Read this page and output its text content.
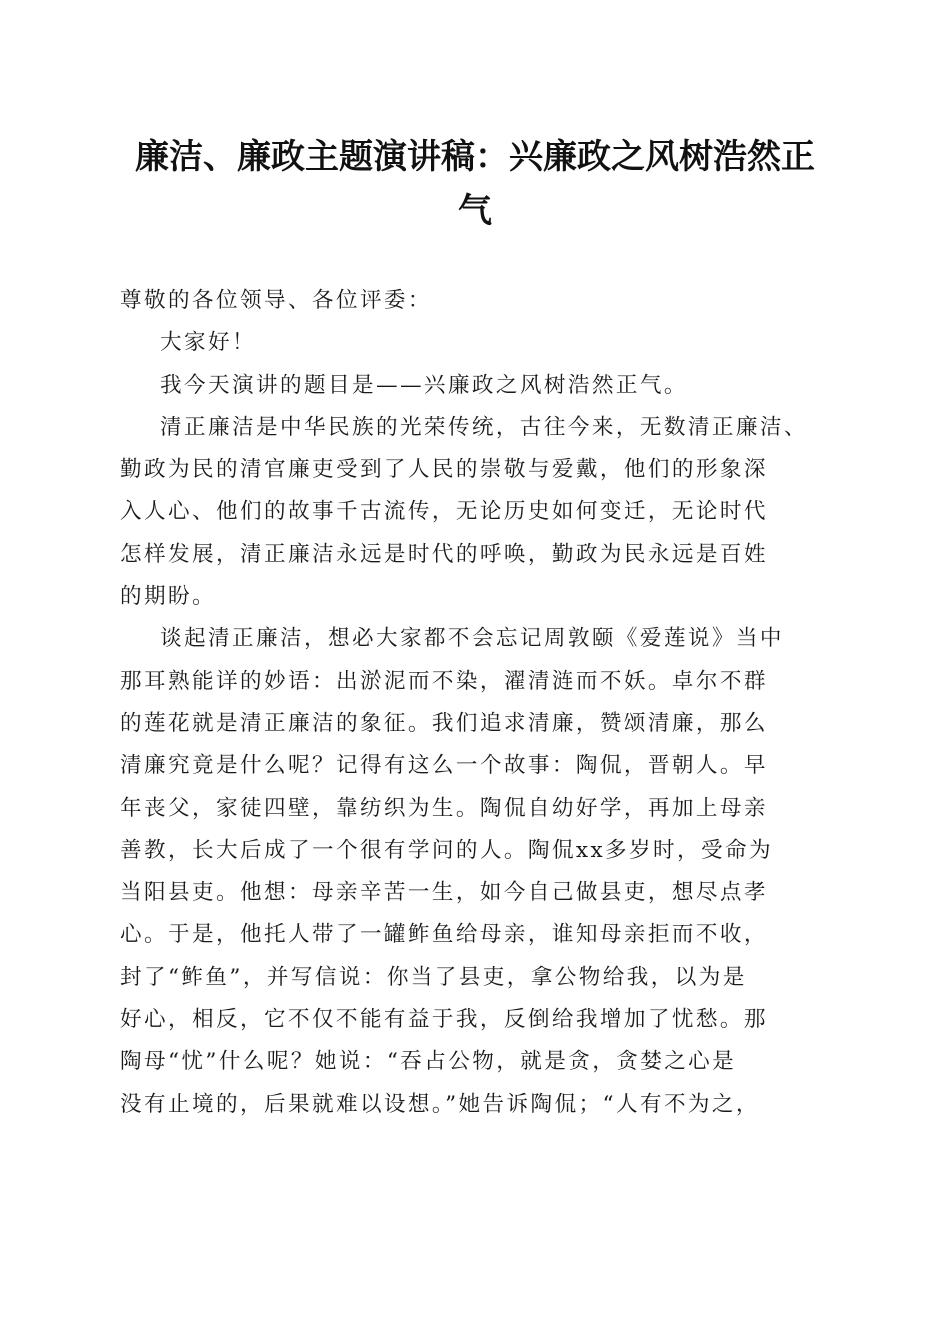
廉洁、廉政主题演讲稿：兴廉政之风树浩然正
气
尊敬的各位领导、各位评委：
大家好！
我今天演讲的题目是——兴廉政之风树浩然正气。
清正廉洁是中华民族的光荣传统，古往今来，无数清正廉洁、
勤政为民的清官廉吏受到了人民的崇敬与爱戴，他们的形象深
入人心、他们的故事千古流传，无论历史如何变迁，无论时代
怎样发展，清正廉洁永远是时代的呼唤，勤政为民永远是百姓
的期盼。
谈起清正廉洁，想必大家都不会忘记周敦颐《爱莲说》当中
那耳熟能详的妙语：出淤泥而不染，濯清涟而不妖。卓尔不群
的莲花就是清正廉洁的象征。我们追求清廉，赞颂清廉，那么
清廉究竟是什么呢？记得有这么一个故事：陶侃，晋朝人。早
年丧父，家徒四壁，靠纺织为生。陶侃自幼好学，再加上母亲
善教，长大后成了一个很有学问的人。陶侃xx多岁时，受命为
当阳县吏。他想：母亲辛苦一生，如今自己做县吏，想尽点孝
心。于是，他托人带了一罐鲊鱼给母亲，谁知母亲拒而不收，
封了“鲊鱼”，并写信说：你当了县吏，拿公物给我，以为是
好心，相反，它不仅不能有益于我，反倒给我增加了忧愁。那
陶母“忧”什么呢？她说：“吞占公物，就是贪，贪婪之心是
没有止境的，后果就难以设想。”她告诉陶侃；“人有不为之，
